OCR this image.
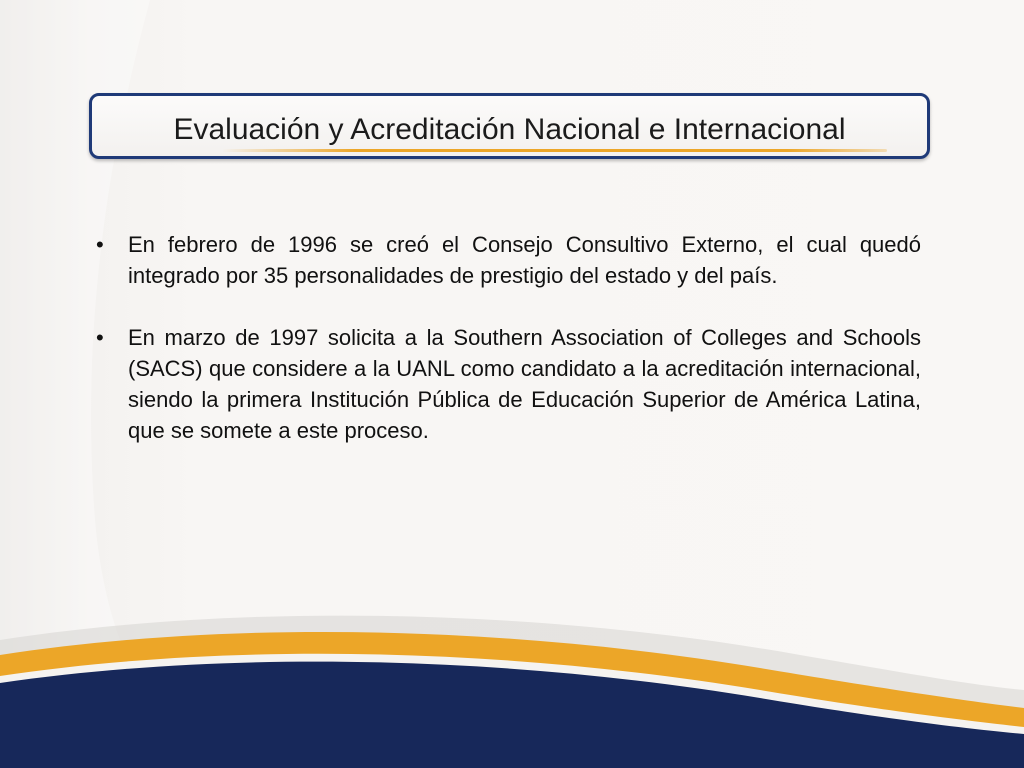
Evaluación y Acreditación Nacional e Internacional
• En febrero de 1996 se creó el Consejo Consultivo Externo, el cual quedó integrado por 35 personalidades de prestigio del estado y del país.
• En marzo de 1997 solicita a la Southern Association of Colleges and Schools (SACS) que considere a la UANL como candidato a la acreditación internacional, siendo la primera Institución Pública de Educación Superior de América Latina, que se somete a este proceso.
